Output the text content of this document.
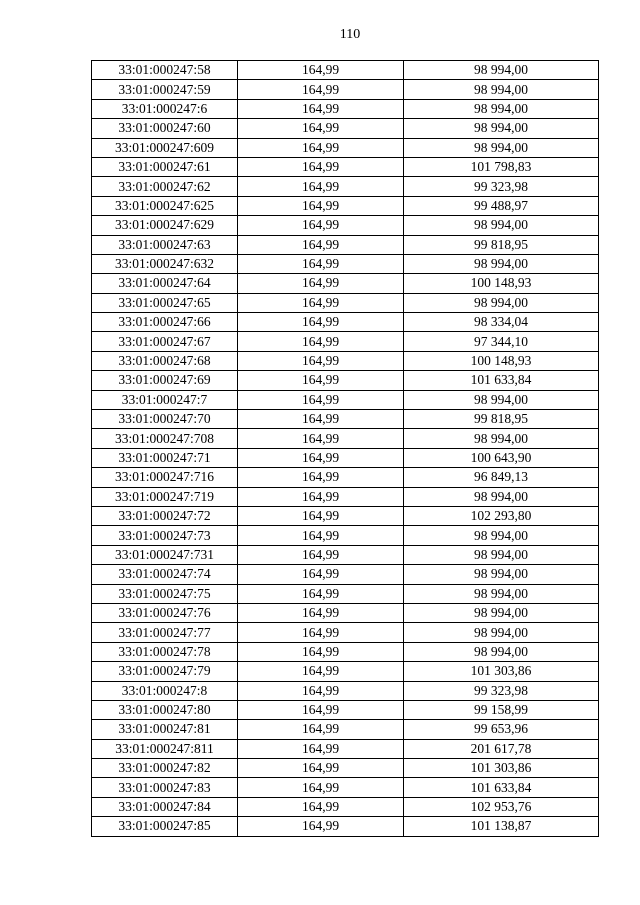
110
33:01:000247:58	164,99	98 994,00
33:01:000247:59	164,99	98 994,00
33:01:000247:6	164,99	98 994,00
33:01:000247:60	164,99	98 994,00
33:01:000247:609	164,99	98 994,00
33:01:000247:61	164,99	101 798,83
33:01:000247:62	164,99	99 323,98
33:01:000247:625	164,99	99 488,97
33:01:000247:629	164,99	98 994,00
33:01:000247:63	164,99	99 818,95
33:01:000247:632	164,99	98 994,00
33:01:000247:64	164,99	100 148,93
33:01:000247:65	164,99	98 994,00
33:01:000247:66	164,99	98 334,04
33:01:000247:67	164,99	97 344,10
33:01:000247:68	164,99	100 148,93
33:01:000247:69	164,99	101 633,84
33:01:000247:7	164,99	98 994,00
33:01:000247:70	164,99	99 818,95
33:01:000247:708	164,99	98 994,00
33:01:000247:71	164,99	100 643,90
33:01:000247:716	164,99	96 849,13
33:01:000247:719	164,99	98 994,00
33:01:000247:72	164,99	102 293,80
33:01:000247:73	164,99	98 994,00
33:01:000247:731	164,99	98 994,00
33:01:000247:74	164,99	98 994,00
33:01:000247:75	164,99	98 994,00
33:01:000247:76	164,99	98 994,00
33:01:000247:77	164,99	98 994,00
33:01:000247:78	164,99	98 994,00
33:01:000247:79	164,99	101 303,86
33:01:000247:8	164,99	99 323,98
33:01:000247:80	164,99	99 158,99
33:01:000247:81	164,99	99 653,96
33:01:000247:811	164,99	201 617,78
33:01:000247:82	164,99	101 303,86
33:01:000247:83	164,99	101 633,84
33:01:000247:84	164,99	102 953,76
33:01:000247:85	164,99	101 138,87
